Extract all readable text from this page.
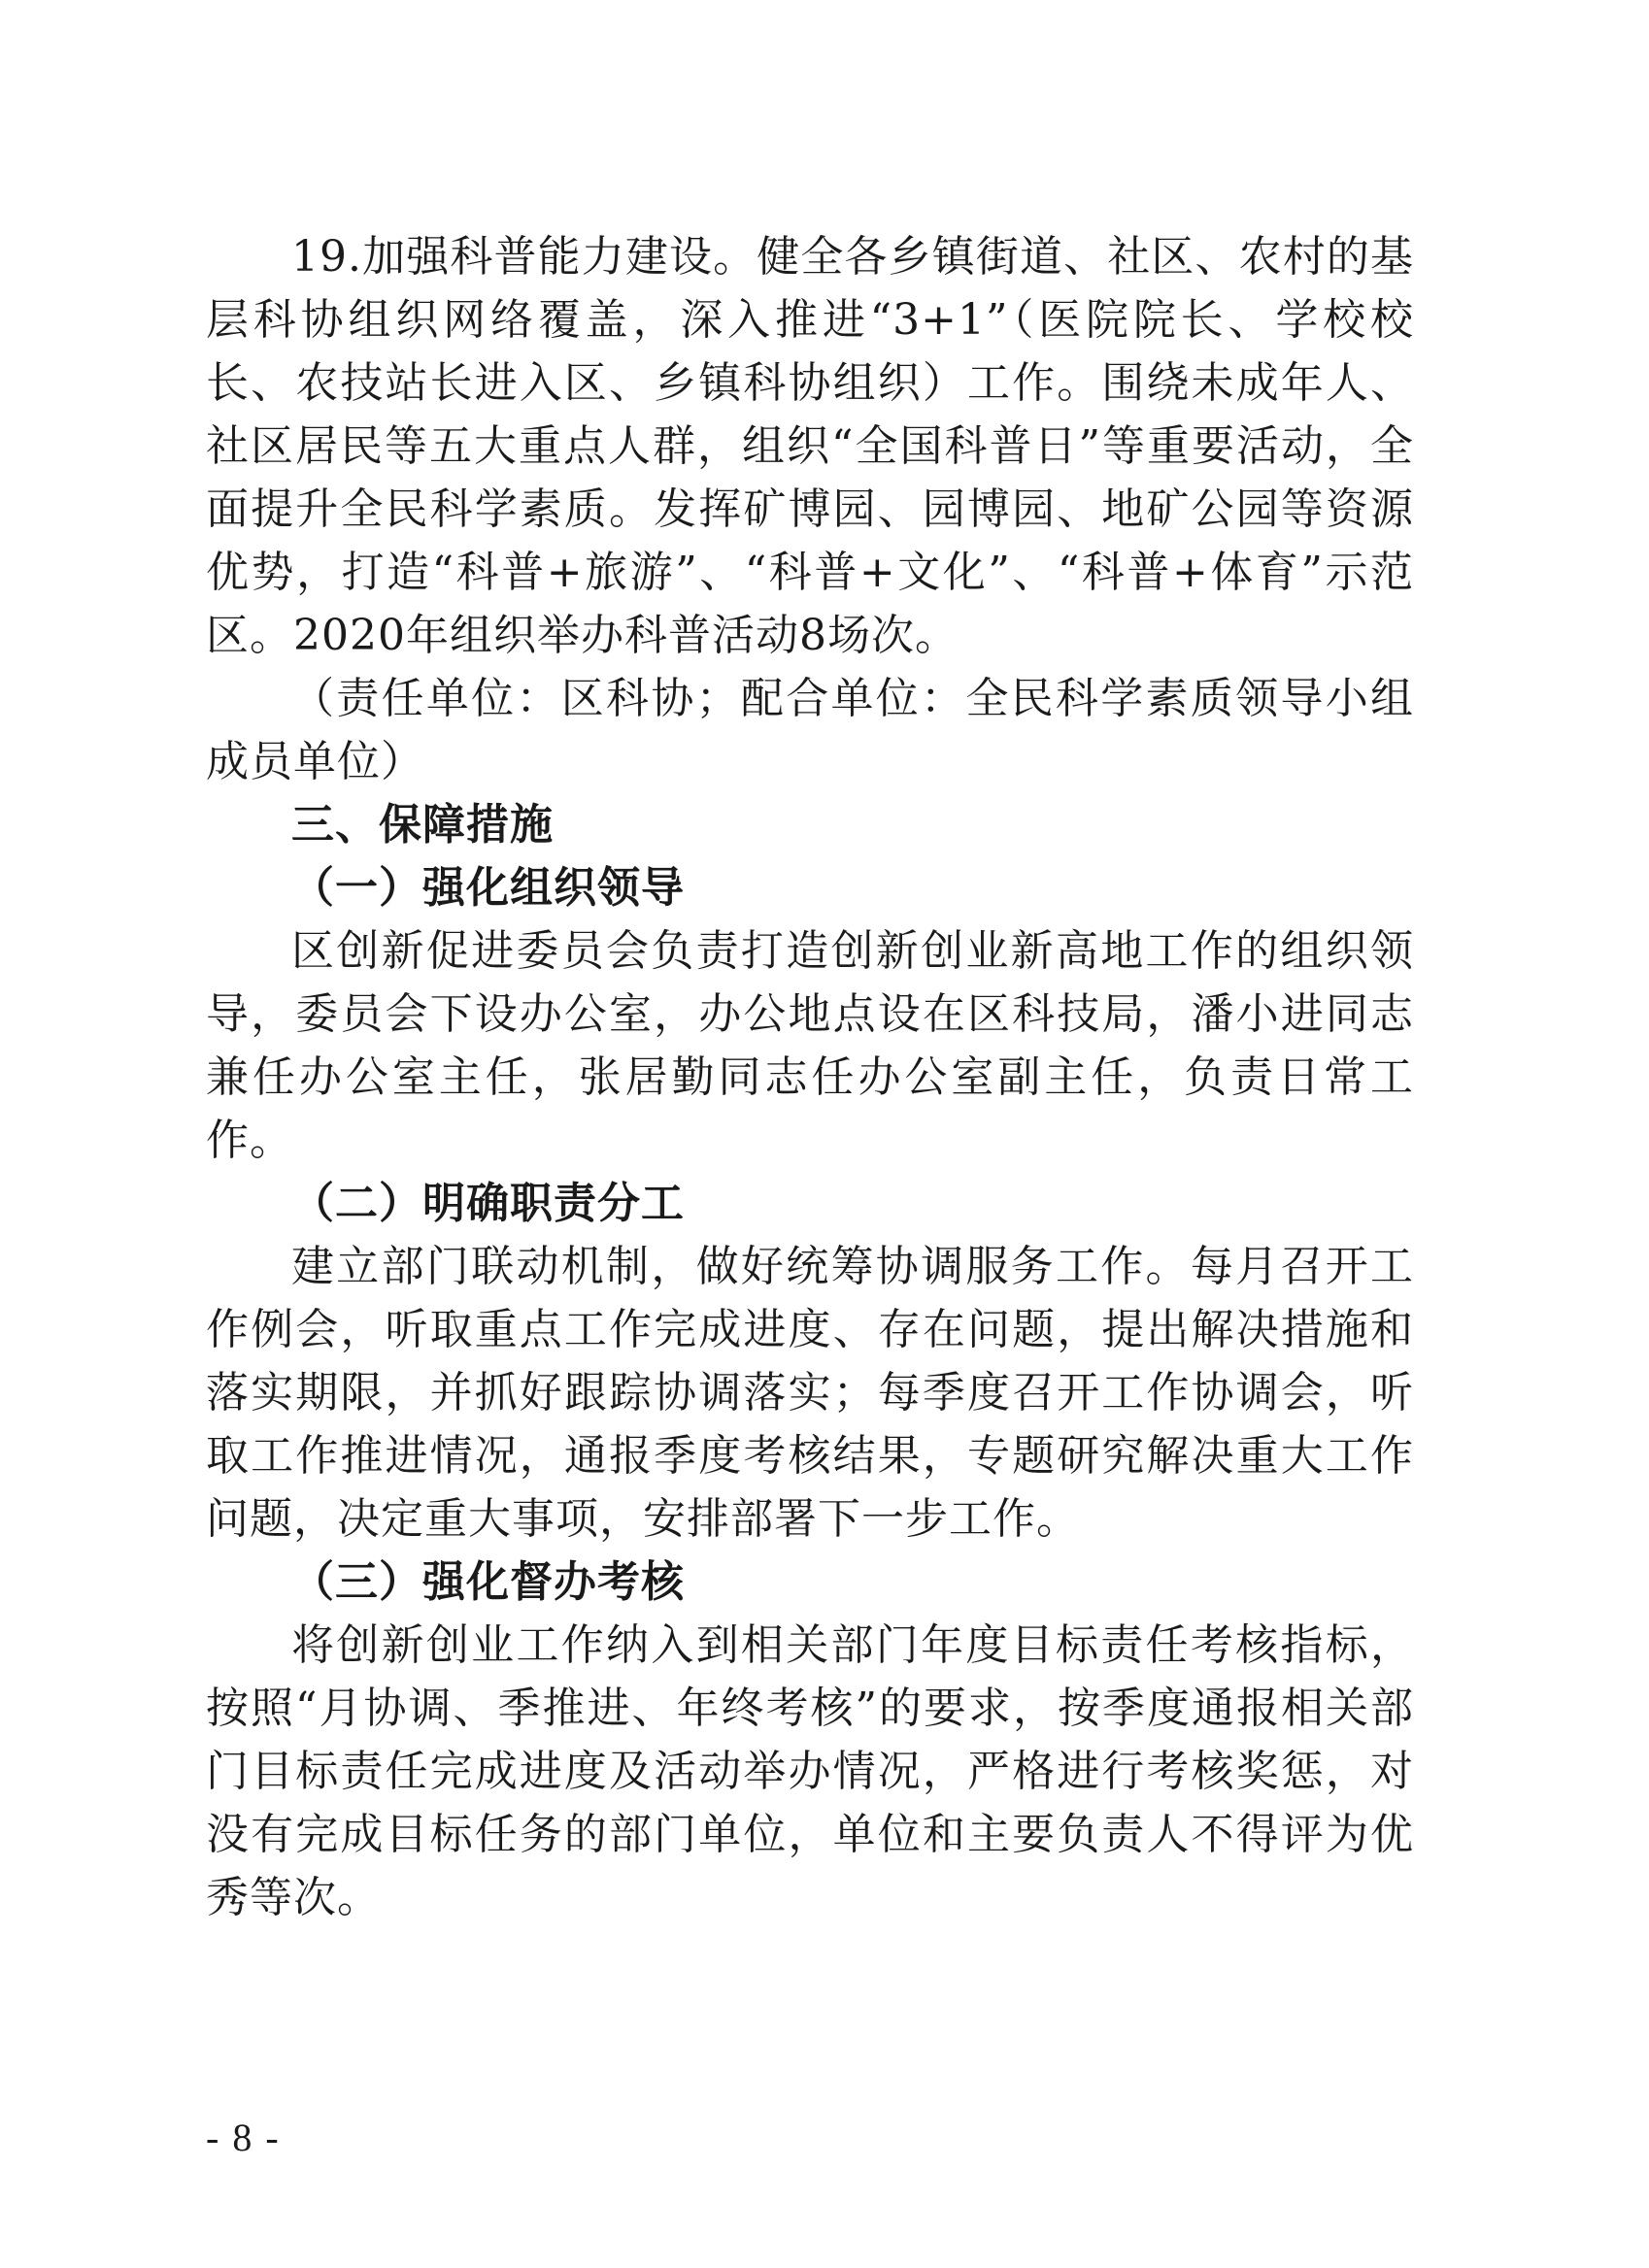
19.加强科普能力建设。健全各乡镇街道、社区、农村的基层科协组织网络覆盖，深入推进“3+1”（医院院长、学校校长、农技站长进入区、乡镇科协组织）工作。围绕未成年人、社区居民等五大重点人群，组织“全国科普日”等重要活动，全面提升全民科学素质。发挥矿博园、园博园、地矿公园等资源优势，打造“科普+旅游”、“科普+文化”、“科普+体育”示范区。2020年组织举办科普活动8场次。

（责任单位：区科协；配合单位：全民科学素质领导小组成员单位）

三、保障措施

（一）强化组织领导

区创新促进委员会负责打造创新创业新高地工作的组织领导，委员会下设办公室，办公地点设在区科技局，潘小进同志兼任办公室主任，张居勤同志任办公室副主任，负责日常工作。

（二）明确职责分工

建立部门联动机制，做好统筹协调服务工作。每月召开工作例会，听取重点工作完成进度、存在问题，提出解决措施和落实期限，并抓好跟踪协调落实；每季度召开工作协调会，听取工作推进情况，通报季度考核结果，专题研究解决重大工作问题，决定重大事项，安排部署下一步工作。

（三）强化督办考核

将创新创业工作纳入到相关部门年度目标责任考核指标，按照“月协调、季推进、年终考核”的要求，按季度通报相关部门目标责任完成进度及活动举办情况，严格进行考核奖惩，对没有完成目标任务的部门单位，单位和主要负责人不得评为优秀等次。

- 8 -
